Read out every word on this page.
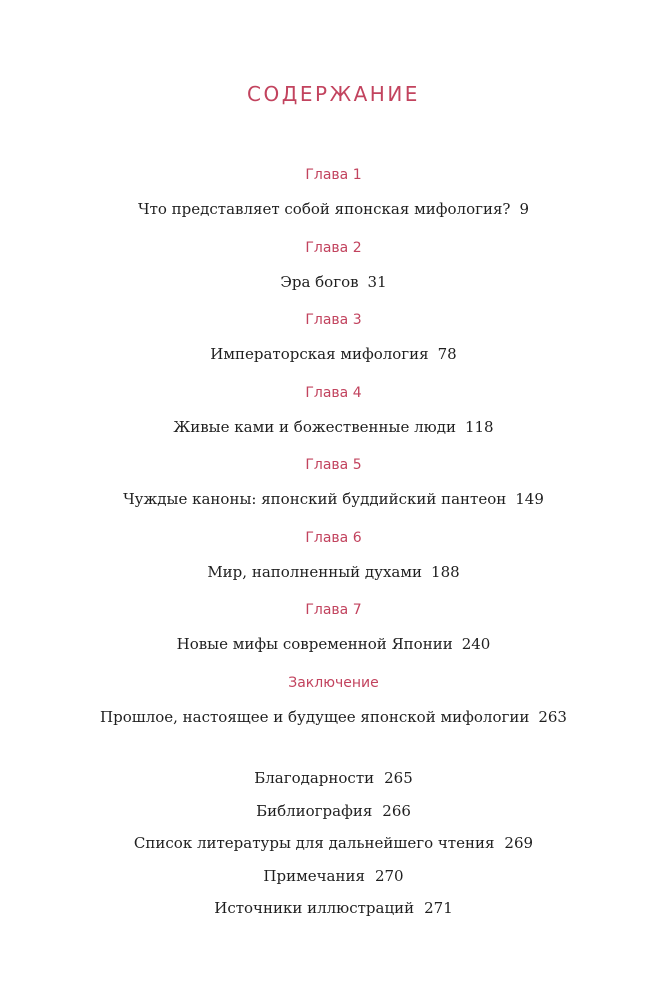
СОДЕРЖАНИЕ
Глава 1
Что представляет собой японская мифология? 9
Глава 2
Эра богов 31
Глава 3
Императорская мифология 78
Глава 4
Живые ками и божественные люди 118
Глава 5
Чуждые каноны: японский буддийский пантеон 149
Глава 6
Мир, наполненный духами 188
Глава 7
Новые мифы современной Японии 240
Заключение
Прошлое, настоящее и будущее японской мифологии 263
Благодарности 265
Библиография 266
Список литературы для дальнейшего чтения 269
Примечания 270
Источники иллюстраций 271
